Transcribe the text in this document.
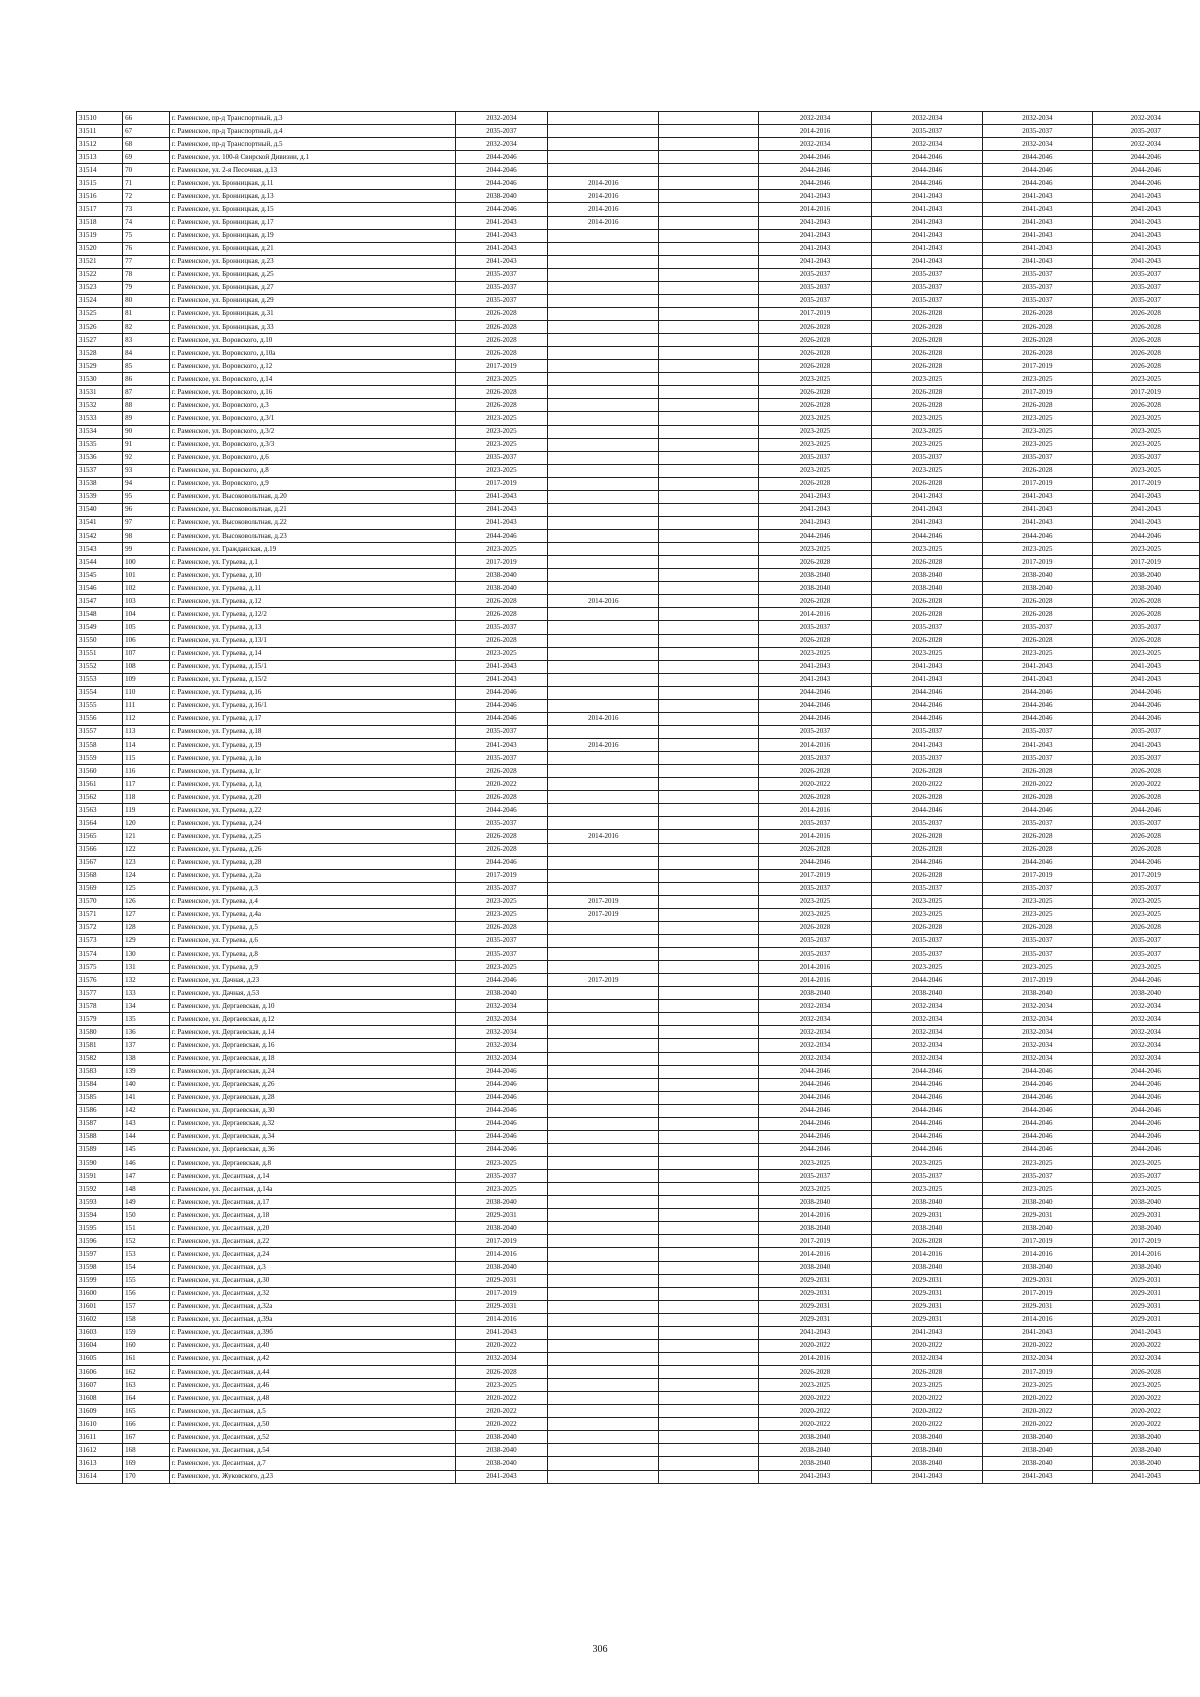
31510	66	г. Раменское, пр-д Транспортный, д.3	2032-2034			2032-2034	2032-2034	2032-2034	2032-2034
31511	67	г. Раменское, пр-д Транспортный, д.4	2035-2037			2014-2016	2035-2037	2035-2037	2035-2037
31512	68	г. Раменское, пр-д Транспортный, д.5	2032-2034			2032-2034	2032-2034	2032-2034	2032-2034
31513	69	г. Раменское, ул. 100-й Свирской Дивизии, д.1	2044-2046			2044-2046	2044-2046	2044-2046	2044-2046
31514	70	г. Раменское, ул. 2-я Песочная, д.13	2044-2046			2044-2046	2044-2046	2044-2046	2044-2046
31515	71	г. Раменское, ул. Бронницкая, д.11	2044-2046	2014-2016		2044-2046	2044-2046	2044-2046	2044-2046
31516	72	г. Раменское, ул. Бронницкая, д.13	2038-2040	2014-2016		2041-2043	2041-2043	2041-2043	2041-2043
31517	73	г. Раменское, ул. Бронницкая, д.15	2044-2046	2014-2016		2014-2016	2041-2043	2041-2043	2041-2043
31518	74	г. Раменское, ул. Бронницкая, д.17	2041-2043	2014-2016		2041-2043	2041-2043	2041-2043	2041-2043
31519	75	г. Раменское, ул. Бронницкая, д.19	2041-2043			2041-2043	2041-2043	2041-2043	2041-2043
31520	76	г. Раменское, ул. Бронницкая, д.21	2041-2043			2041-2043	2041-2043	2041-2043	2041-2043
31521	77	г. Раменское, ул. Бронницкая, д.23	2041-2043			2041-2043	2041-2043	2041-2043	2041-2043
31522	78	г. Раменское, ул. Бронницкая, д.25	2035-2037			2035-2037	2035-2037	2035-2037	2035-2037
31523	79	г. Раменское, ул. Бронницкая, д.27	2035-2037			2035-2037	2035-2037	2035-2037	2035-2037
31524	80	г. Раменское, ул. Бронницкая, д.29	2035-2037			2035-2037	2035-2037	2035-2037	2035-2037
31525	81	г. Раменское, ул. Бронницкая, д.31	2026-2028			2017-2019	2026-2028	2026-2028	2026-2028
31526	82	г. Раменское, ул. Бронницкая, д.33	2026-2028			2026-2028	2026-2028	2026-2028	2026-2028
31527	83	г. Раменское, ул. Воровского, д.10	2026-2028			2026-2028	2026-2028	2026-2028	2026-2028
31528	84	г. Раменское, ул. Воровского, д.10а	2026-2028			2026-2028	2026-2028	2026-2028	2026-2028
31529	85	г. Раменское, ул. Воровского, д.12	2017-2019			2026-2028	2026-2028	2017-2019	2026-2028
31530	86	г. Раменское, ул. Воровского, д.14	2023-2025			2023-2025	2023-2025	2023-2025	2023-2025
31531	87	г. Раменское, ул. Воровского, д.16	2026-2028			2026-2028	2026-2028	2017-2019	2017-2019
31532	88	г. Раменское, ул. Воровского, д.3	2026-2028			2026-2028	2026-2028	2026-2028	2026-2028
31533	89	г. Раменское, ул. Воровского, д.3/1	2023-2025			2023-2025	2023-2025	2023-2025	2023-2025
31534	90	г. Раменское, ул. Воровского, д.3/2	2023-2025			2023-2025	2023-2025	2023-2025	2023-2025
31535	91	г. Раменское, ул. Воровского, д.3/3	2023-2025			2023-2025	2023-2025	2023-2025	2023-2025
31536	92	г. Раменское, ул. Воровского, д.6	2035-2037			2035-2037	2035-2037	2035-2037	2035-2037
31537	93	г. Раменское, ул. Воровского, д.8	2023-2025			2023-2025	2023-2025	2026-2028	2023-2025
31538	94	г. Раменское, ул. Воровского, д.9	2017-2019			2026-2028	2026-2028	2017-2019	2017-2019
31539	95	г. Раменское, ул. Высоковольтная, д.20	2041-2043			2041-2043	2041-2043	2041-2043	2041-2043
31540	96	г. Раменское, ул. Высоковольтная, д.21	2041-2043			2041-2043	2041-2043	2041-2043	2041-2043
31541	97	г. Раменское, ул. Высоковольтная, д.22	2041-2043			2041-2043	2041-2043	2041-2043	2041-2043
31542	98	г. Раменское, ул. Высоковольтная, д.23	2044-2046			2044-2046	2044-2046	2044-2046	2044-2046
31543	99	г. Раменское, ул. Гражданская, д.19	2023-2025			2023-2025	2023-2025	2023-2025	2023-2025
31544	100	г. Раменское, ул. Гурьева, д.1	2017-2019			2026-2028	2026-2028	2017-2019	2017-2019
31545	101	г. Раменское, ул. Гурьева, д.10	2038-2040			2038-2040	2038-2040	2038-2040	2038-2040
31546	102	г. Раменское, ул. Гурьева, д.11	2038-2040			2038-2040	2038-2040	2038-2040	2038-2040
31547	103	г. Раменское, ул. Гурьева, д.12	2026-2028	2014-2016		2026-2028	2026-2028	2026-2028	2026-2028
31548	104	г. Раменское, ул. Гурьева, д.12/2	2026-2028			2014-2016	2026-2028	2026-2028	2026-2028
31549	105	г. Раменское, ул. Гурьева, д.13	2035-2037			2035-2037	2035-2037	2035-2037	2035-2037
31550	106	г. Раменское, ул. Гурьева, д.13/1	2026-2028			2026-2028	2026-2028	2026-2028	2026-2028
31551	107	г. Раменское, ул. Гурьева, д.14	2023-2025			2023-2025	2023-2025	2023-2025	2023-2025
31552	108	г. Раменское, ул. Гурьева, д.15/1	2041-2043			2041-2043	2041-2043	2041-2043	2041-2043
31553	109	г. Раменское, ул. Гурьева, д.15/2	2041-2043			2041-2043	2041-2043	2041-2043	2041-2043
31554	110	г. Раменское, ул. Гурьева, д.16	2044-2046			2044-2046	2044-2046	2044-2046	2044-2046
31555	111	г. Раменское, ул. Гурьева, д.16/1	2044-2046			2044-2046	2044-2046	2044-2046	2044-2046
31556	112	г. Раменское, ул. Гурьева, д.17	2044-2046	2014-2016		2044-2046	2044-2046	2044-2046	2044-2046
31557	113	г. Раменское, ул. Гурьева, д.18	2035-2037			2035-2037	2035-2037	2035-2037	2035-2037
31558	114	г. Раменское, ул. Гурьева, д.19	2041-2043	2014-2016		2014-2016	2041-2043	2041-2043	2041-2043
31559	115	г. Раменское, ул. Гурьева, д.1в	2035-2037			2035-2037	2035-2037	2035-2037	2035-2037
31560	116	г. Раменское, ул. Гурьева, д.1г	2026-2028			2026-2028	2026-2028	2026-2028	2026-2028
31561	117	г. Раменское, ул. Гурьева, д.1д	2020-2022			2020-2022	2020-2022	2020-2022	2020-2022
31562	118	г. Раменское, ул. Гурьева, д.20	2026-2028			2026-2028	2026-2028	2026-2028	2026-2028
31563	119	г. Раменское, ул. Гурьева, д.22	2044-2046			2014-2016	2044-2046	2044-2046	2044-2046
31564	120	г. Раменское, ул. Гурьева, д.24	2035-2037			2035-2037	2035-2037	2035-2037	2035-2037
31565	121	г. Раменское, ул. Гурьева, д.25	2026-2028	2014-2016		2014-2016	2026-2028	2026-2028	2026-2028
31566	122	г. Раменское, ул. Гурьева, д.26	2026-2028			2026-2028	2026-2028	2026-2028	2026-2028
31567	123	г. Раменское, ул. Гурьева, д.28	2044-2046			2044-2046	2044-2046	2044-2046	2044-2046
31568	124	г. Раменское, ул. Гурьева, д.2а	2017-2019			2017-2019	2026-2028	2017-2019	2017-2019
31569	125	г. Раменское, ул. Гурьева, д.3	2035-2037			2035-2037	2035-2037	2035-2037	2035-2037
31570	126	г. Раменское, ул. Гурьева, д.4	2023-2025	2017-2019		2023-2025	2023-2025	2023-2025	2023-2025
31571	127	г. Раменское, ул. Гурьева, д.4а	2023-2025	2017-2019		2023-2025	2023-2025	2023-2025	2023-2025
31572	128	г. Раменское, ул. Гурьева, д.5	2026-2028			2026-2028	2026-2028	2026-2028	2026-2028
31573	129	г. Раменское, ул. Гурьева, д.6	2035-2037			2035-2037	2035-2037	2035-2037	2035-2037
31574	130	г. Раменское, ул. Гурьева, д.8	2035-2037			2035-2037	2035-2037	2035-2037	2035-2037
31575	131	г. Раменское, ул. Гурьева, д.9	2023-2025			2014-2016	2023-2025	2023-2025	2023-2025
31576	132	г. Раменское, ул. Дачная, д.23	2044-2046	2017-2019		2014-2016	2044-2046	2017-2019	2044-2046
31577	133	г. Раменское, ул. Дачная, д.53	2038-2040			2038-2040	2038-2040	2038-2040	2038-2040
31578	134	г. Раменское, ул. Дергаевская, д.10	2032-2034			2032-2034	2032-2034	2032-2034	2032-2034
31579	135	г. Раменское, ул. Дергаевская, д.12	2032-2034			2032-2034	2032-2034	2032-2034	2032-2034
31580	136	г. Раменское, ул. Дергаевская, д.14	2032-2034			2032-2034	2032-2034	2032-2034	2032-2034
31581	137	г. Раменское, ул. Дергаевская, д.16	2032-2034			2032-2034	2032-2034	2032-2034	2032-2034
31582	138	г. Раменское, ул. Дергаевская, д.18	2032-2034			2032-2034	2032-2034	2032-2034	2032-2034
31583	139	г. Раменское, ул. Дергаевская, д.24	2044-2046			2044-2046	2044-2046	2044-2046	2044-2046
31584	140	г. Раменское, ул. Дергаевская, д.26	2044-2046			2044-2046	2044-2046	2044-2046	2044-2046
31585	141	г. Раменское, ул. Дергаевская, д.28	2044-2046			2044-2046	2044-2046	2044-2046	2044-2046
31586	142	г. Раменское, ул. Дергаевская, д.30	2044-2046			2044-2046	2044-2046	2044-2046	2044-2046
31587	143	г. Раменское, ул. Дергаевская, д.32	2044-2046			2044-2046	2044-2046	2044-2046	2044-2046
31588	144	г. Раменское, ул. Дергаевская, д.34	2044-2046			2044-2046	2044-2046	2044-2046	2044-2046
31589	145	г. Раменское, ул. Дергаевская, д.36	2044-2046			2044-2046	2044-2046	2044-2046	2044-2046
31590	146	г. Раменское, ул. Дергаевская, д.8	2023-2025			2023-2025	2023-2025	2023-2025	2023-2025
31591	147	г. Раменское, ул. Десантная, д.14	2035-2037			2035-2037	2035-2037	2035-2037	2035-2037
31592	148	г. Раменское, ул. Десантная, д.14а	2023-2025			2023-2025	2023-2025	2023-2025	2023-2025
31593	149	г. Раменское, ул. Десантная, д.17	2038-2040			2038-2040	2038-2040	2038-2040	2038-2040
31594	150	г. Раменское, ул. Десантная, д.18	2029-2031			2014-2016	2029-2031	2029-2031	2029-2031
31595	151	г. Раменское, ул. Десантная, д.20	2038-2040			2038-2040	2038-2040	2038-2040	2038-2040
31596	152	г. Раменское, ул. Десантная, д.22	2017-2019			2017-2019	2026-2028	2017-2019	2017-2019
31597	153	г. Раменское, ул. Десантная, д.24	2014-2016			2014-2016	2014-2016	2014-2016	2014-2016
31598	154	г. Раменское, ул. Десантная, д.3	2038-2040			2038-2040	2038-2040	2038-2040	2038-2040
31599	155	г. Раменское, ул. Десантная, д.30	2029-2031			2029-2031	2029-2031	2029-2031	2029-2031
31600	156	г. Раменское, ул. Десантная, д.32	2017-2019			2029-2031	2029-2031	2017-2019	2029-2031
31601	157	г. Раменское, ул. Десантная, д.32а	2029-2031			2029-2031	2029-2031	2029-2031	2029-2031
31602	158	г. Раменское, ул. Десантная, д.39а	2014-2016			2029-2031	2029-2031	2014-2016	2029-2031
31603	159	г. Раменское, ул. Десантная, д.39б	2041-2043			2041-2043	2041-2043	2041-2043	2041-2043
31604	160	г. Раменское, ул. Десантная, д.40	2020-2022			2020-2022	2020-2022	2020-2022	2020-2022
31605	161	г. Раменское, ул. Десантная, д.42	2032-2034			2014-2016	2032-2034	2032-2034	2032-2034
31606	162	г. Раменское, ул. Десантная, д.44	2026-2028			2026-2028	2026-2028	2017-2019	2026-2028
31607	163	г. Раменское, ул. Десантная, д.46	2023-2025			2023-2025	2023-2025	2023-2025	2023-2025
31608	164	г. Раменское, ул. Десантная, д.48	2020-2022			2020-2022	2020-2022	2020-2022	2020-2022
31609	165	г. Раменское, ул. Десантная, д.5	2020-2022			2020-2022	2020-2022	2020-2022	2020-2022
31610	166	г. Раменское, ул. Десантная, д.50	2020-2022			2020-2022	2020-2022	2020-2022	2020-2022
31611	167	г. Раменское, ул. Десантная, д.52	2038-2040			2038-2040	2038-2040	2038-2040	2038-2040
31612	168	г. Раменское, ул. Десантная, д.54	2038-2040			2038-2040	2038-2040	2038-2040	2038-2040
31613	169	г. Раменское, ул. Десантная, д.7	2038-2040			2038-2040	2038-2040	2038-2040	2038-2040
31614	170	г. Раменское, ул. Жуковского, д.23	2041-2043			2041-2043	2041-2043	2041-2043	2041-2043
306
